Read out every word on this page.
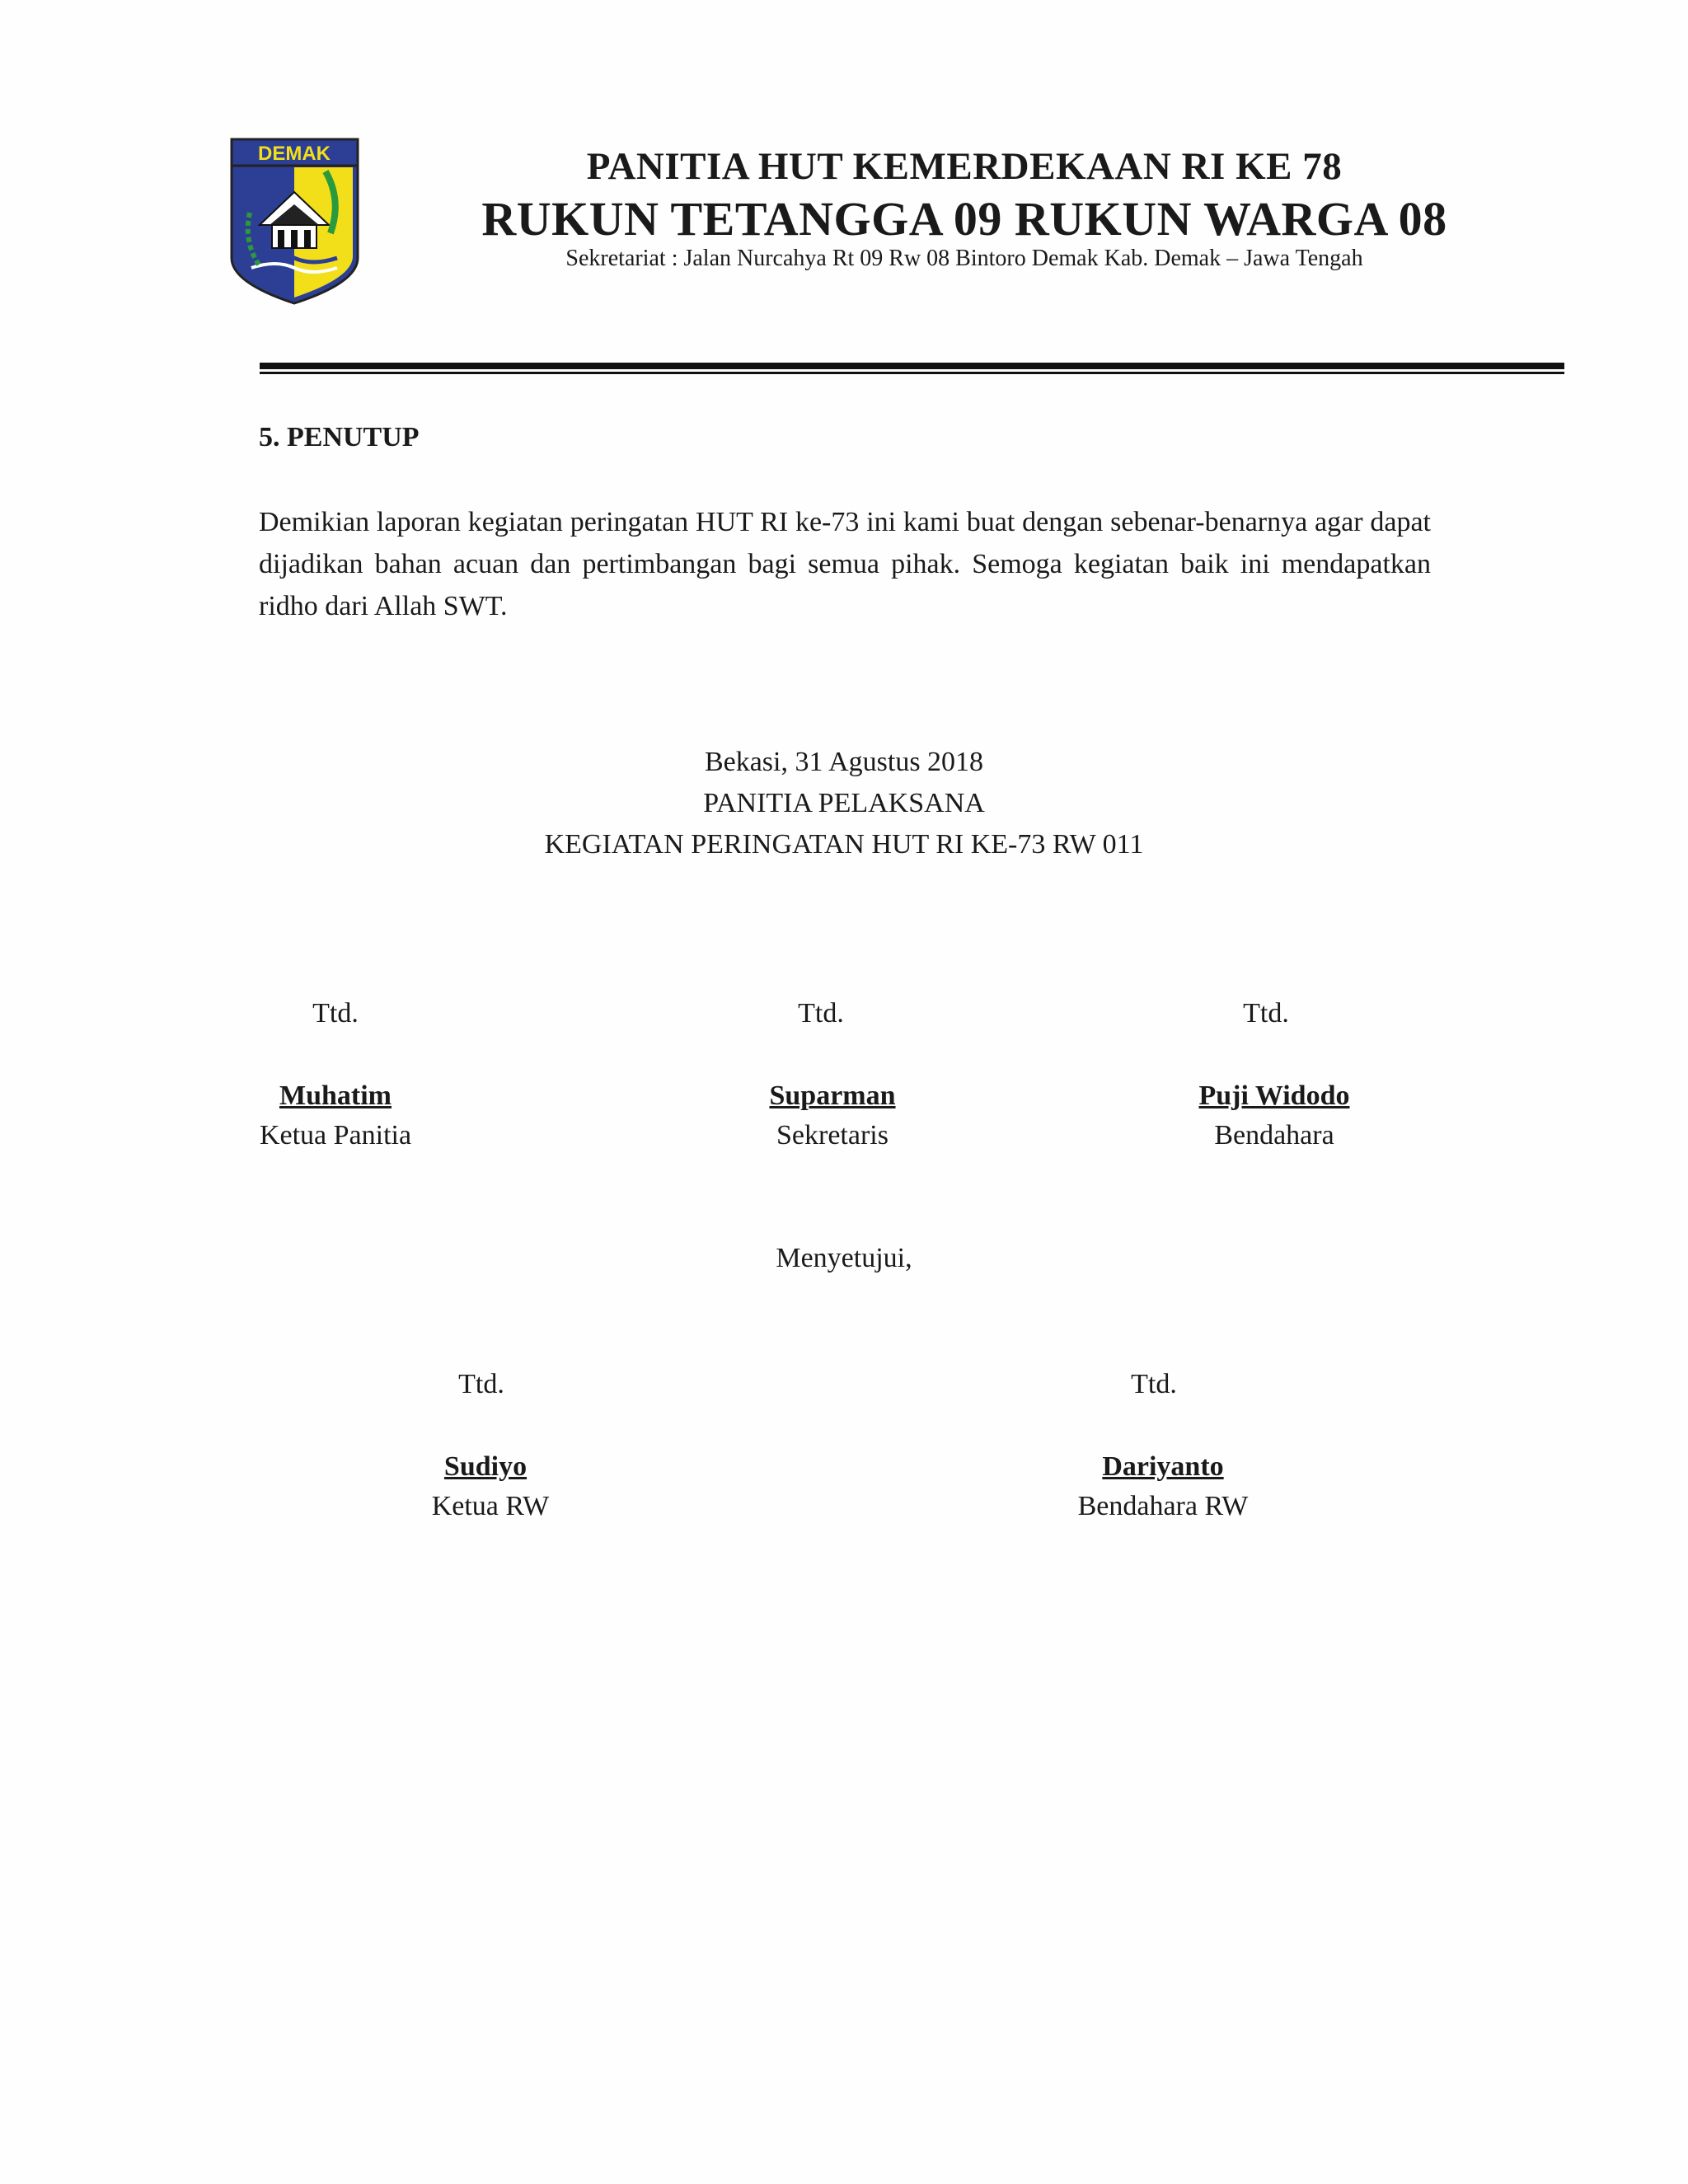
DEMAK	PANITIA HUT KEMERDEKAAN RI KE 78
RUKUN TETANGGA 09 RUKUN WARGA 08
Sekretariat : Jalan Nurcahya Rt 09 Rw 08 Bintoro Demak Kab. Demak – Jawa Tengah
5. PENUTUP
Demikian laporan kegiatan peringatan HUT RI ke-73 ini kami buat dengan sebenar-benarnya agar dapat dijadikan bahan acuan dan pertimbangan bagi semua pihak. Semoga kegiatan baik ini mendapatkan ridho dari Allah SWT.
Bekasi, 31 Agustus 2018
PANITIA PELAKSANA
KEGIATAN PERINGATAN HUT RI KE-73 RW 011
Ttd.
Muhatim
Ketua Panitia
Ttd.
Suparman
Sekretaris
Ttd.
Puji Widodo
Bendahara
Menyetujui,
Ttd.
Sudiyo
Ketua RW
Ttd.
Dariyanto
Bendahara RW
